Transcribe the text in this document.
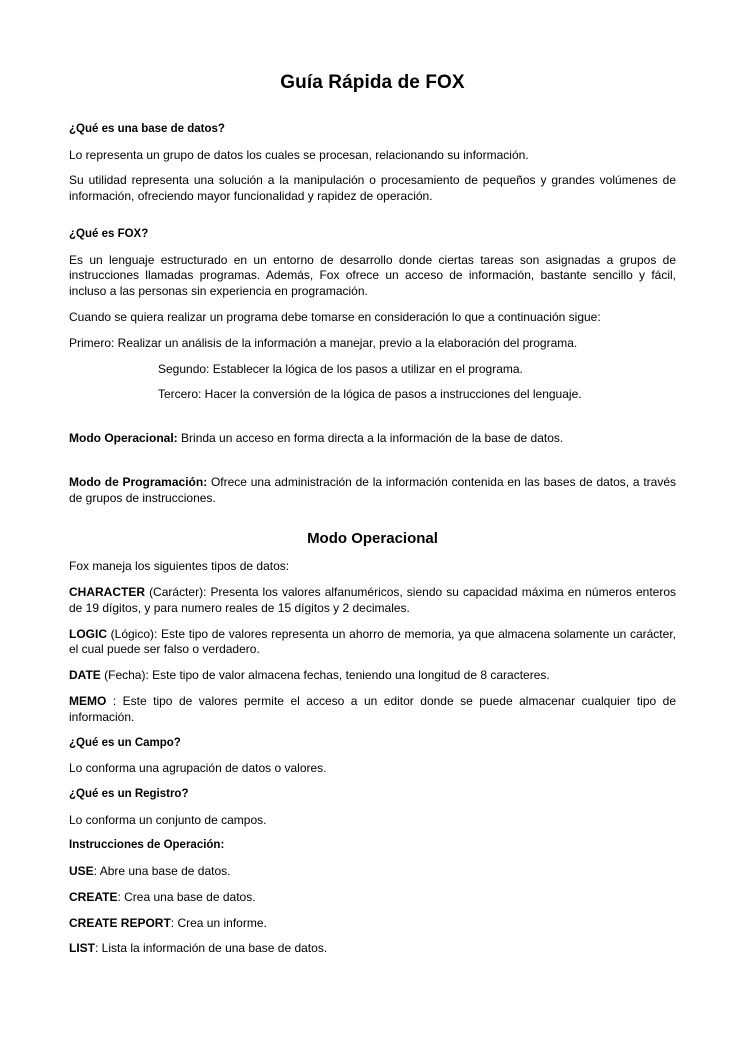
Guía Rápida de FOX
¿Qué es una base de datos?

Lo representa un grupo de datos los cuales se procesan, relacionando su información.

Su utilidad representa una solución a la manipulación o procesamiento de pequeños y grandes volúmenes de información, ofreciendo mayor funcionalidad y rapidez de operación.

¿Qué es FOX?

Es un lenguaje estructurado en un entorno de desarrollo donde ciertas tareas son asignadas a grupos de instrucciones llamadas programas. Además, Fox ofrece un acceso de información, bastante sencillo y fácil, incluso a las personas sin experiencia en programación.

Cuando se quiera realizar un programa debe tomarse en consideración lo que a continuación sigue:

Primero: Realizar un análisis de la información a manejar, previo a la elaboración del programa.

Segundo: Establecer la lógica de los pasos a utilizar en el programa.

Tercero: Hacer la conversión de la lógica de pasos a instrucciones del lenguaje.

Modo Operacional: Brinda un acceso en forma directa a la información de la base de datos.

Modo de Programación: Ofrece una administración de la información contenida en las bases de datos, a través de grupos de instrucciones.

Modo Operacional

Fox maneja los siguientes tipos de datos:

CHARACTER (Carácter): Presenta los valores alfanuméricos, siendo su capacidad máxima en números enteros de 19 dígitos, y para numero reales de 15 dígitos y 2 decimales.

LOGIC (Lógico): Este tipo de valores representa un ahorro de memoria, ya que almacena solamente un carácter, el cual puede ser falso o verdadero.

DATE (Fecha): Este tipo de valor almacena fechas, teniendo una longitud de 8 caracteres.

MEMO : Este tipo de valores permite el acceso a un editor donde se puede almacenar cualquier tipo de información.

¿Qué es un Campo?

Lo conforma una agrupación de datos o valores.

¿Qué es un Registro?

Lo conforma un conjunto de campos.

Instrucciones de Operación:

USE: Abre una base de datos.

CREATE: Crea una base de datos.

CREATE REPORT: Crea un informe.

LIST: Lista la información de una base de datos.
